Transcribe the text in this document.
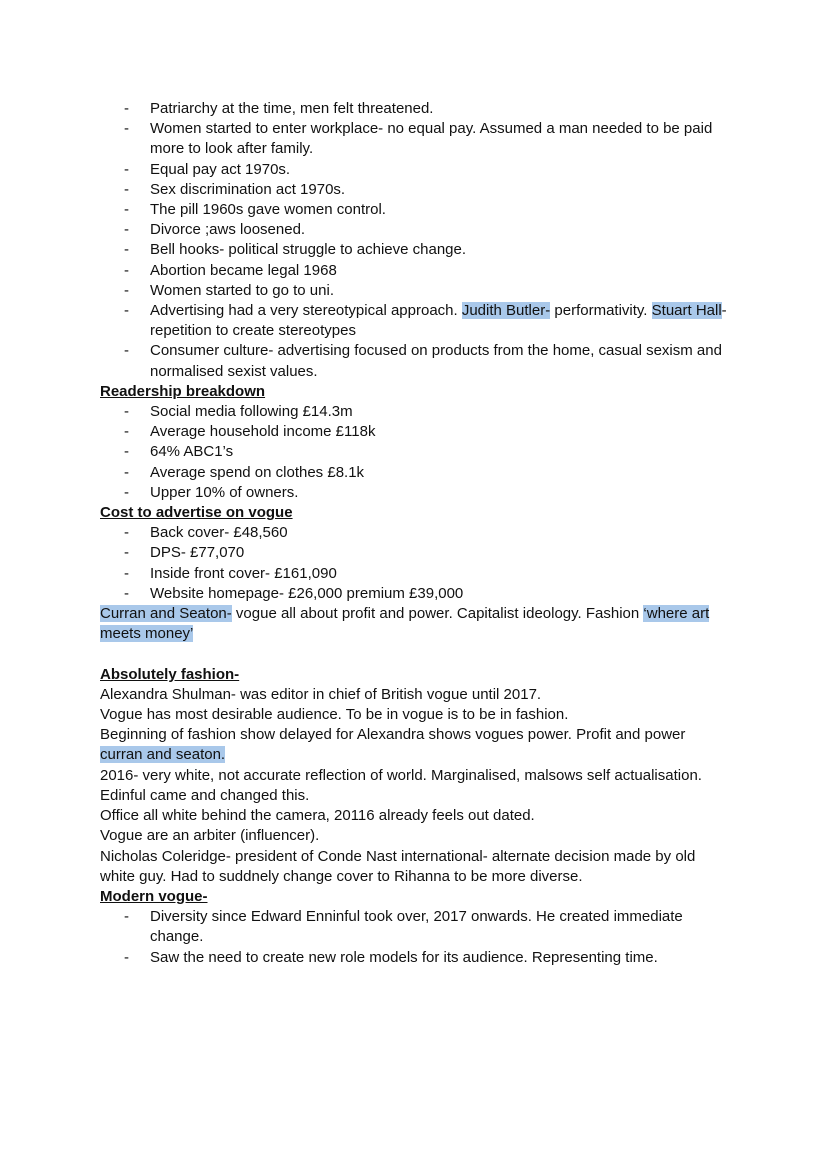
- Patriarchy at the time, men felt threatened.
- Women started to enter workplace- no equal pay. Assumed a man needed to be paid more to look after family.
- Equal pay act 1970s.
- Sex discrimination act 1970s.
- The pill 1960s gave women control.
- Divorce ;aws loosened.
- Bell hooks- political struggle to achieve change.
- Abortion became legal 1968
- Women started to go to uni.
- Advertising had a very stereotypical approach. Judith Butler- performativity. Stuart Hall- repetition to create stereotypes
- Consumer culture- advertising focused on products from the home, casual sexism and normalised sexist values.
Readership breakdown
- Social media following £14.3m
- Average household income £118k
- 64% ABC1’s
- Average spend on clothes £8.1k
- Upper 10% of owners.
Cost to advertise on vogue
- Back cover- £48,560
- DPS- £77,070
- Inside front cover- £161,090
- Website homepage- £26,000 premium £39,000
Curran and Seaton- vogue all about profit and power. Capitalist ideology. Fashion ‘where art meets money’
Absolutely fashion-
Alexandra Shulman- was editor in chief of British vogue until 2017.
Vogue has most desirable audience. To be in vogue is to be in fashion.
Beginning of fashion show delayed for Alexandra shows vogues power. Profit and power curran and seaton.
2016- very white, not accurate reflection of world. Marginalised, malsows self actualisation.
Edinful came and changed this.
Office all white behind the camera, 20116 already feels out dated.
Vogue are an arbiter (influencer).
Nicholas Coleridge- president of Conde Nast international- alternate decision made by old white guy. Had to suddnely change cover to Rihanna to be more diverse.
Modern vogue-
- Diversity since Edward Enninful took over, 2017 onwards. He created immediate change.
- Saw the need to create new role models for its audience. Representing time.
